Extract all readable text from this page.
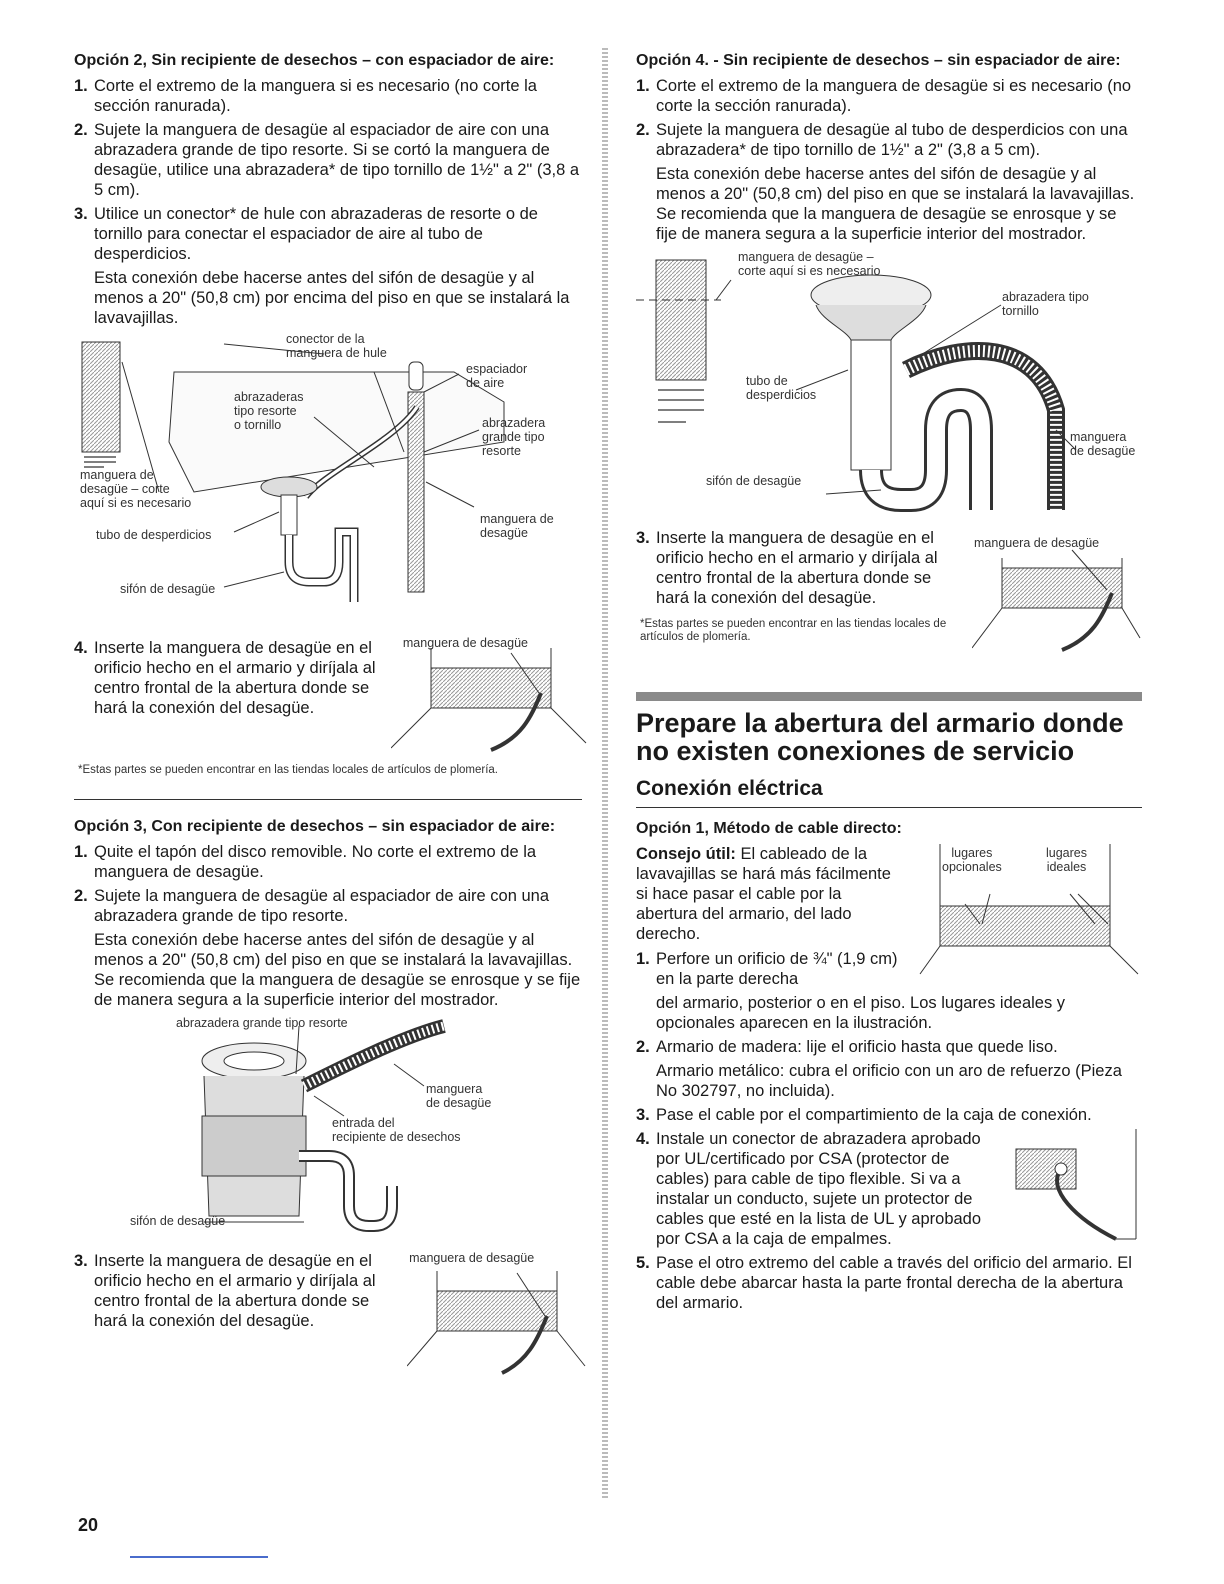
Opción 2, Sin recipiente de desechos – con espaciador de aire:
1. Corte el extremo de la manguera si es necesario (no corte la sección ranurada).
2. Sujete la manguera de desagüe al espaciador de aire con una abrazadera grande de tipo resorte. Si se cortó la manguera de desagüe, utilice una abrazadera* de tipo tornillo de 1½" a 2" (3,8 a 5 cm).
3. Utilice un conector* de hule con abrazaderas de resorte o de tornillo para conectar el espaciador de aire al tubo de desperdicios.
Esta conexión debe hacerse antes del sifón de desagüe y al menos a 20" (50,8 cm) por encima del piso en que se instalará la lavavajillas.
conector de la
manguera de hule
espaciador
de aire
abrazaderas
tipo resorte
o tornillo	abrazadera
grande tipo
resorte
manguera de
desagüe – corte
aquí si es necesario
tubo de desperdicios
manguera de
desagüe
sifón de desagüe
4. Inserte la manguera de desagüe en el orificio hecho en el armario y diríjala al centro frontal de la abertura donde se hará la conexión del desagüe.
manguera de desagüe
*Estas partes se pueden encontrar en las tiendas locales de artículos de plomería.
Opción 3, Con recipiente de desechos – sin espaciador de aire:
1. Quite el tapón del disco removible. No corte el extremo de la manguera de desagüe.
2. Sujete la manguera de desagüe al espaciador de aire con una abrazadera grande de tipo resorte.
Esta conexión debe hacerse antes del sifón de desagüe y al menos a 20" (50,8 cm) del piso en que se instalará la lavavajillas. Se recomienda que la manguera de desagüe se enrosque y se fije de manera segura a la superficie interior del mostrador.
abrazadera grande tipo resorte
manguera
de desagüe
entrada del
recipiente de desechos
sifón de desagüe
3. Inserte la manguera de desagüe en el orificio hecho en el armario y diríjala al centro frontal de la abertura donde se hará la conexión del desagüe.
manguera de desagüe
Opción 4. - Sin recipiente de desechos – sin espaciador de aire:
1. Corte el extremo de la manguera de desagüe si es necesario (no corte la sección ranurada).
2. Sujete la manguera de desagüe al tubo de desperdicios con una abrazadera* de tipo tornillo de 1½" a 2" (3,8 a 5 cm).
Esta conexión debe hacerse antes del sifón de desagüe y al menos a 20" (50,8 cm) del piso en que se instalará la lavavajillas. Se recomienda que la manguera de desagüe se enrosque y se fije de manera segura a la superficie interior del mostrador.
manguera de desagüe –
corte aquí si es necesario
abrazadera tipo
tornillo
tubo de
desperdicios
manguera
de desagüe
sifón de desagüe
3. Inserte la manguera de desagüe en el orificio hecho en el armario y diríjala al centro frontal de la abertura donde se hará la conexión del desagüe.
*Estas partes se pueden encontrar en las tiendas locales de artículos de plomería.
manguera de desagüe
Prepare la abertura del armario donde no existen conexiones de servicio
Conexión eléctrica
Opción 1, Método de cable directo:
Consejo útil: El cableado de la lavavajillas se hará más fácilmente si hace pasar el cable por la abertura del armario, del lado derecho.
lugares
opcionales
lugares
ideales
1. Perfore un orificio de ¾" (1,9 cm) en la parte derecha
del armario, posterior o en el piso. Los lugares ideales y opcionales aparecen en la ilustración.
2. Armario de madera: lije el orificio hasta que quede liso.
Armario metálico: cubra el orificio con un aro de refuerzo (Pieza No 302797, no incluida).
3. Pase el cable por el compartimiento de la caja de conexión.
4. Instale un conector de abrazadera aprobado por UL/certificado por CSA (protector de cables) para cable de tipo flexible. Si va a instalar un conducto, sujete un protector de cables que esté en la lista de UL y aprobado por CSA a la caja de empalmes.
5. Pase el otro extremo del cable a través del orificio del armario. El cable debe abarcar hasta la parte frontal derecha de la abertura del armario.
20
